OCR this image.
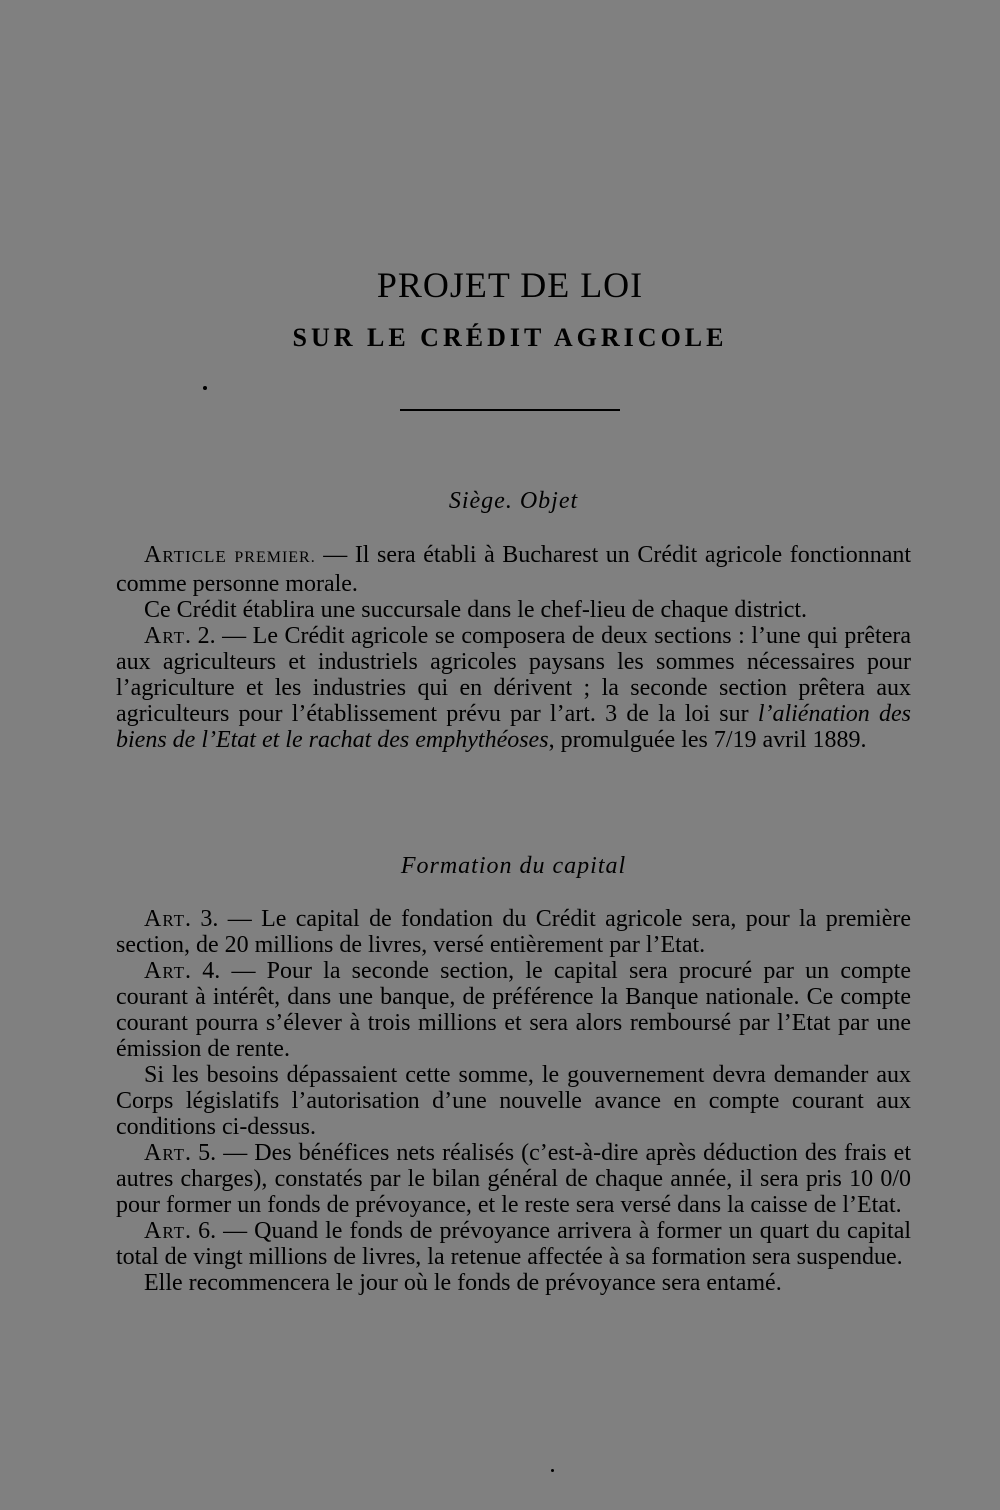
PROJET DE LOI
SUR LE CRÉDIT AGRICOLE

Siège. Objet

Article PREMIER. — Il sera établi à Bucharest un Crédit agricole fonctionnant comme personne morale.

Ce Crédit établira une succursale dans le chef-lieu de chaque district.

Art. 2. — Le Crédit agricole se composera de deux sections : l’une qui prêtera aux agriculteurs et industriels agricoles paysans les sommes nécessaires pour l’agriculture et les industries qui en dérivent ; la seconde section prêtera aux agriculteurs pour l’établissement prévu par l’art. 3 de la loi sur l’aliénation des biens de l’Etat et le rachat des emphythéoses, promulguée les 7/19 avril 1889.

Formation du capital

Art. 3. — Le capital de fondation du Crédit agricole sera, pour la première section, de 20 millions de livres, versé entièrement par l’Etat.

Art. 4. — Pour la seconde section, le capital sera procuré par un compte courant à intérêt, dans une banque, de préférence la Banque nationale. Ce compte courant pourra s’élever à trois millions et sera alors remboursé par l’Etat par une émission de rente.

Si les besoins dépassaient cette somme, le gouvernement devra demander aux Corps législatifs l’autorisation d’une nouvelle avance en compte courant aux conditions ci-dessus.

Art. 5. — Des bénéfices nets réalisés (c’est-à-dire après déduction des frais et autres charges), constatés par le bilan général de chaque année, il sera pris 10 0/0 pour former un fonds de prévoyance, et le reste sera versé dans la caisse de l’Etat.

Art. 6. — Quand le fonds de prévoyance arrivera à former un quart du capital total de vingt millions de livres, la retenue affectée à sa formation sera suspendue.

Elle recommencera le jour où le fonds de prévoyance sera entamé.
